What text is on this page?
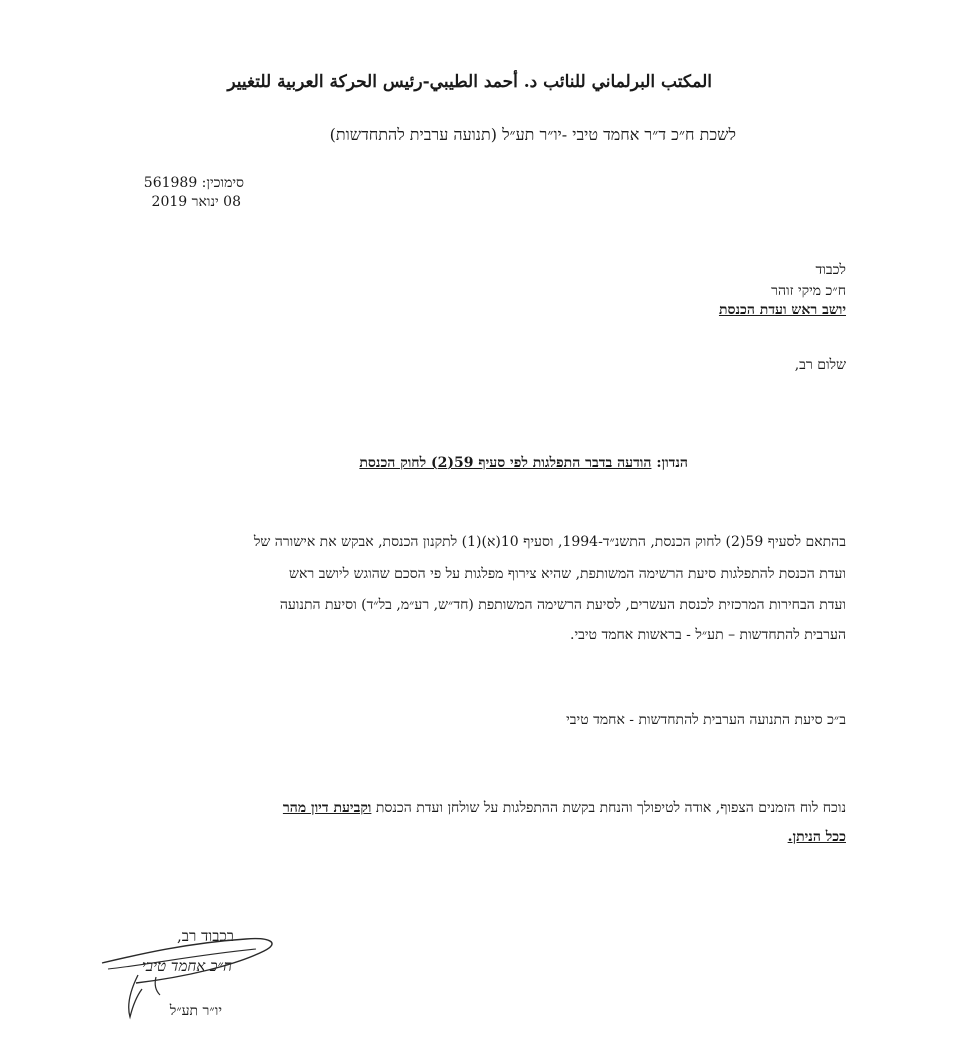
المكتب البرلماني للنائب د. أحمد الطيبي-رئيس الحركة العربية للتغيير
לשכת ח״כ ד״ר אחמד טיבי -יו״ר תע״ל (תנועה ערבית להתחדשות)
סימוכין: 561989
08 ינואר 2019
לכבוד
ח״כ מיקי זוהר
יושב ראש ועדת הכנסת
שלום רב,
הנדון: הודעה בדבר התפלגות לפי סעיף 59(2) לחוק הכנסת
בהתאם לסעיף 59(2) לחוק הכנסת, התשנ״ד-1994, וסעיף 10(א)(1) לתקנון הכנסת, אבקש את אישורה של
ועדת הכנסת להתפלגות סיעת הרשימה המשותפת, שהיא צירוף מפלגות על פי הסכם שהוגש ליושב ראש
ועדת הבחירות המרכזית לכנסת העשרים, לסיעת הרשימה המשותפת (חד״ש, רע״מ, בל״ד) וסיעת התנועה
הערבית להתחדשות – תע״ל - בראשות אחמד טיבי.
ב״כ סיעת התנועה הערבית להתחדשות - אחמד טיבי
נוכח לוח הזמנים הצפוף, אודה לטיפולך והנחת בקשת ההתפלגות על שולחן ועדת הכנסת וקביעת דיון מהר
ככל הניתן.
בכבוד רב,
ח״כ אחמד טיבי
יו״ר תע״ל
